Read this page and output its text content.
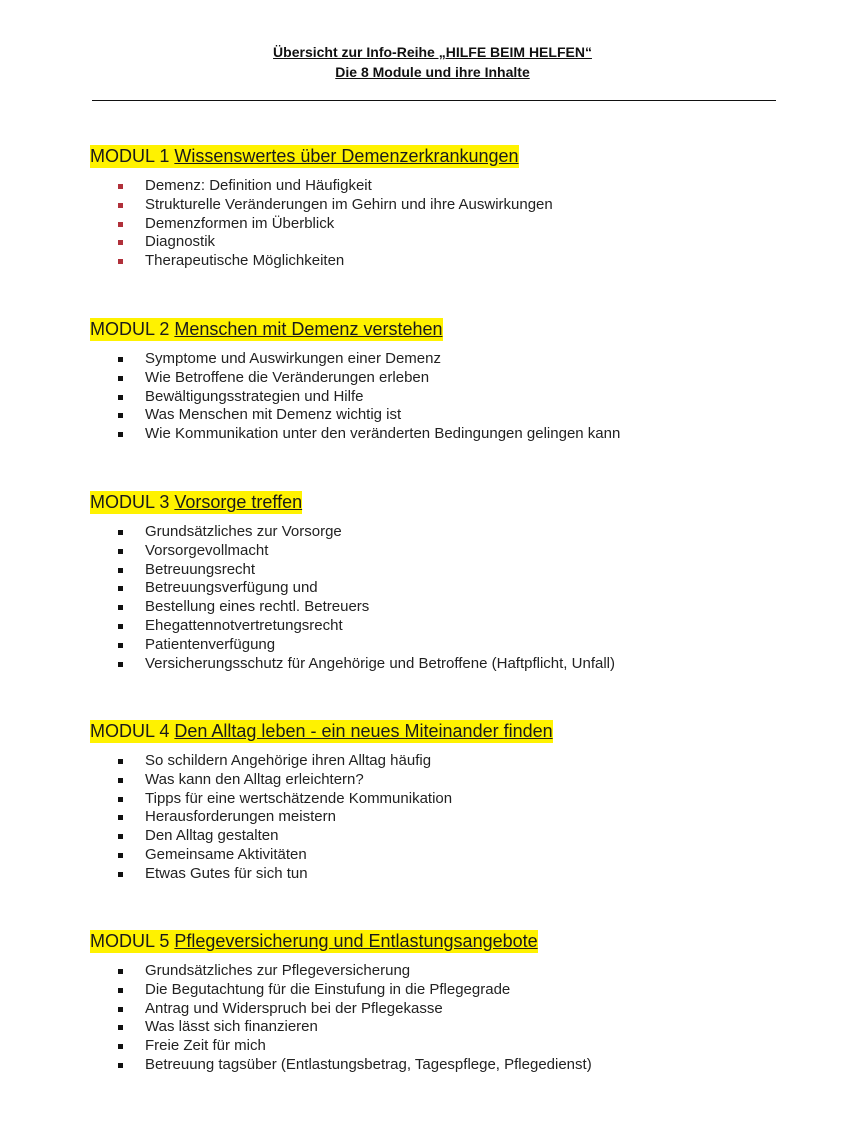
Übersicht zur Info-Reihe „HILFE BEIM HELFEN“
Die 8 Module und ihre Inhalte
MODUL 1 Wissenswertes über Demenzerkrankungen
Demenz: Definition und Häufigkeit
Strukturelle Veränderungen im Gehirn und ihre Auswirkungen
Demenzformen im Überblick
Diagnostik
Therapeutische Möglichkeiten
MODUL 2 Menschen mit Demenz verstehen
Symptome und Auswirkungen einer Demenz
Wie Betroffene die Veränderungen erleben
Bewältigungsstrategien und Hilfe
Was Menschen mit Demenz wichtig ist
Wie Kommunikation unter den veränderten Bedingungen gelingen kann
MODUL 3 Vorsorge treffen
Grundsätzliches zur Vorsorge
Vorsorgevollmacht
Betreuungsrecht
Betreuungsverfügung und
Bestellung eines rechtl. Betreuers
Ehegattennotvertretungsrecht
Patientenverfügung
Versicherungsschutz für Angehörige und Betroffene (Haftpflicht, Unfall)
MODUL 4 Den Alltag leben - ein neues Miteinander finden
So schildern Angehörige ihren Alltag häufig
Was kann den Alltag erleichtern?
Tipps für eine wertschätzende Kommunikation
Herausforderungen meistern
Den Alltag gestalten
Gemeinsame Aktivitäten
Etwas Gutes für sich tun
MODUL 5 Pflegeversicherung und Entlastungsangebote
Grundsätzliches zur Pflegeversicherung
Die Begutachtung für die Einstufung in die Pflegegrade
Antrag und Widerspruch bei der Pflegekasse
Was lässt sich finanzieren
Freie Zeit für mich
Betreuung tagsüber (Entlastungsbetrag, Tagespflege, Pflegedienst)
